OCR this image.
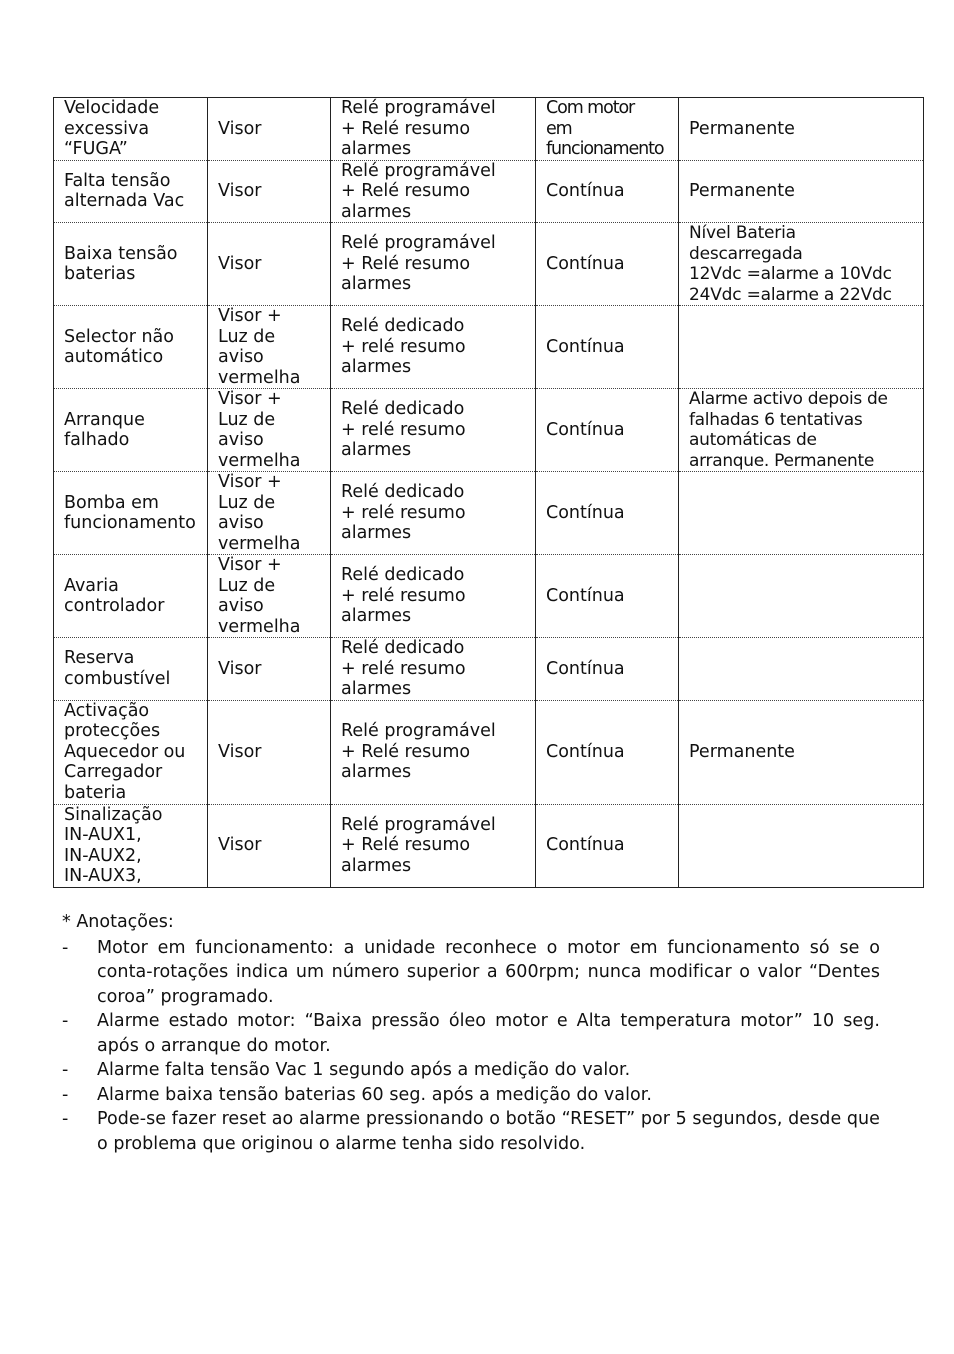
Velocidade
excessiva
“FUGA”	Visor	Relé programável
+ Relé resumo
alarmes	Com motor
em
funcionamento	Permanente
Falta tensão
alternada Vac	Visor	Relé programável
+ Relé resumo
alarmes	Contínua	Permanente
Baixa tensão
baterias	Visor	Relé programável
+ Relé resumo
alarmes	Contínua	Nível Bateria
descarregada
12Vdc =alarme a 10Vdc
24Vdc =alarme a 22Vdc
Selector não
automático	Visor +
Luz de
aviso
vermelha	Relé dedicado
+ relé resumo
alarmes	Contínua	
Arranque
falhado	Visor +
Luz de
aviso
vermelha	Relé dedicado
+ relé resumo
alarmes	Contínua	Alarme activo depois de
falhadas 6 tentativas
automáticas de
arranque. Permanente
Bomba em
funcionamento	Visor +
Luz de
aviso
vermelha	Relé dedicado
+ relé resumo
alarmes	Contínua	
Avaria
controlador	Visor +
Luz de
aviso
vermelha	Relé dedicado
+ relé resumo
alarmes	Contínua	
Reserva
combustível	Visor	Relé dedicado
+ relé resumo
alarmes	Contínua	
Activação
protecções
Aquecedor ou
Carregador
bateria	Visor	Relé programável
+ Relé resumo
alarmes	Contínua	Permanente
Sinalização
IN-AUX1,
IN-AUX2,
IN-AUX3,	Visor	Relé programável
+ Relé resumo
alarmes	Contínua	

* Anotações:

- Motor em funcionamento: a unidade reconhece o motor em funcionamento só se o conta-rotações indica um número superior a 600rpm; nunca modificar o valor “Dentes coroa” programado.
- Alarme estado motor: “Baixa pressão óleo motor e Alta temperatura motor” 10 seg. após o arranque do motor.
- Alarme falta tensão Vac 1 segundo após a medição do valor.
- Alarme baixa tensão baterias 60 seg. após a medição do valor.
- Pode-se fazer reset ao alarme pressionando o botão “RESET” por 5 segundos, desde que o problema que originou o alarme tenha sido resolvido.
